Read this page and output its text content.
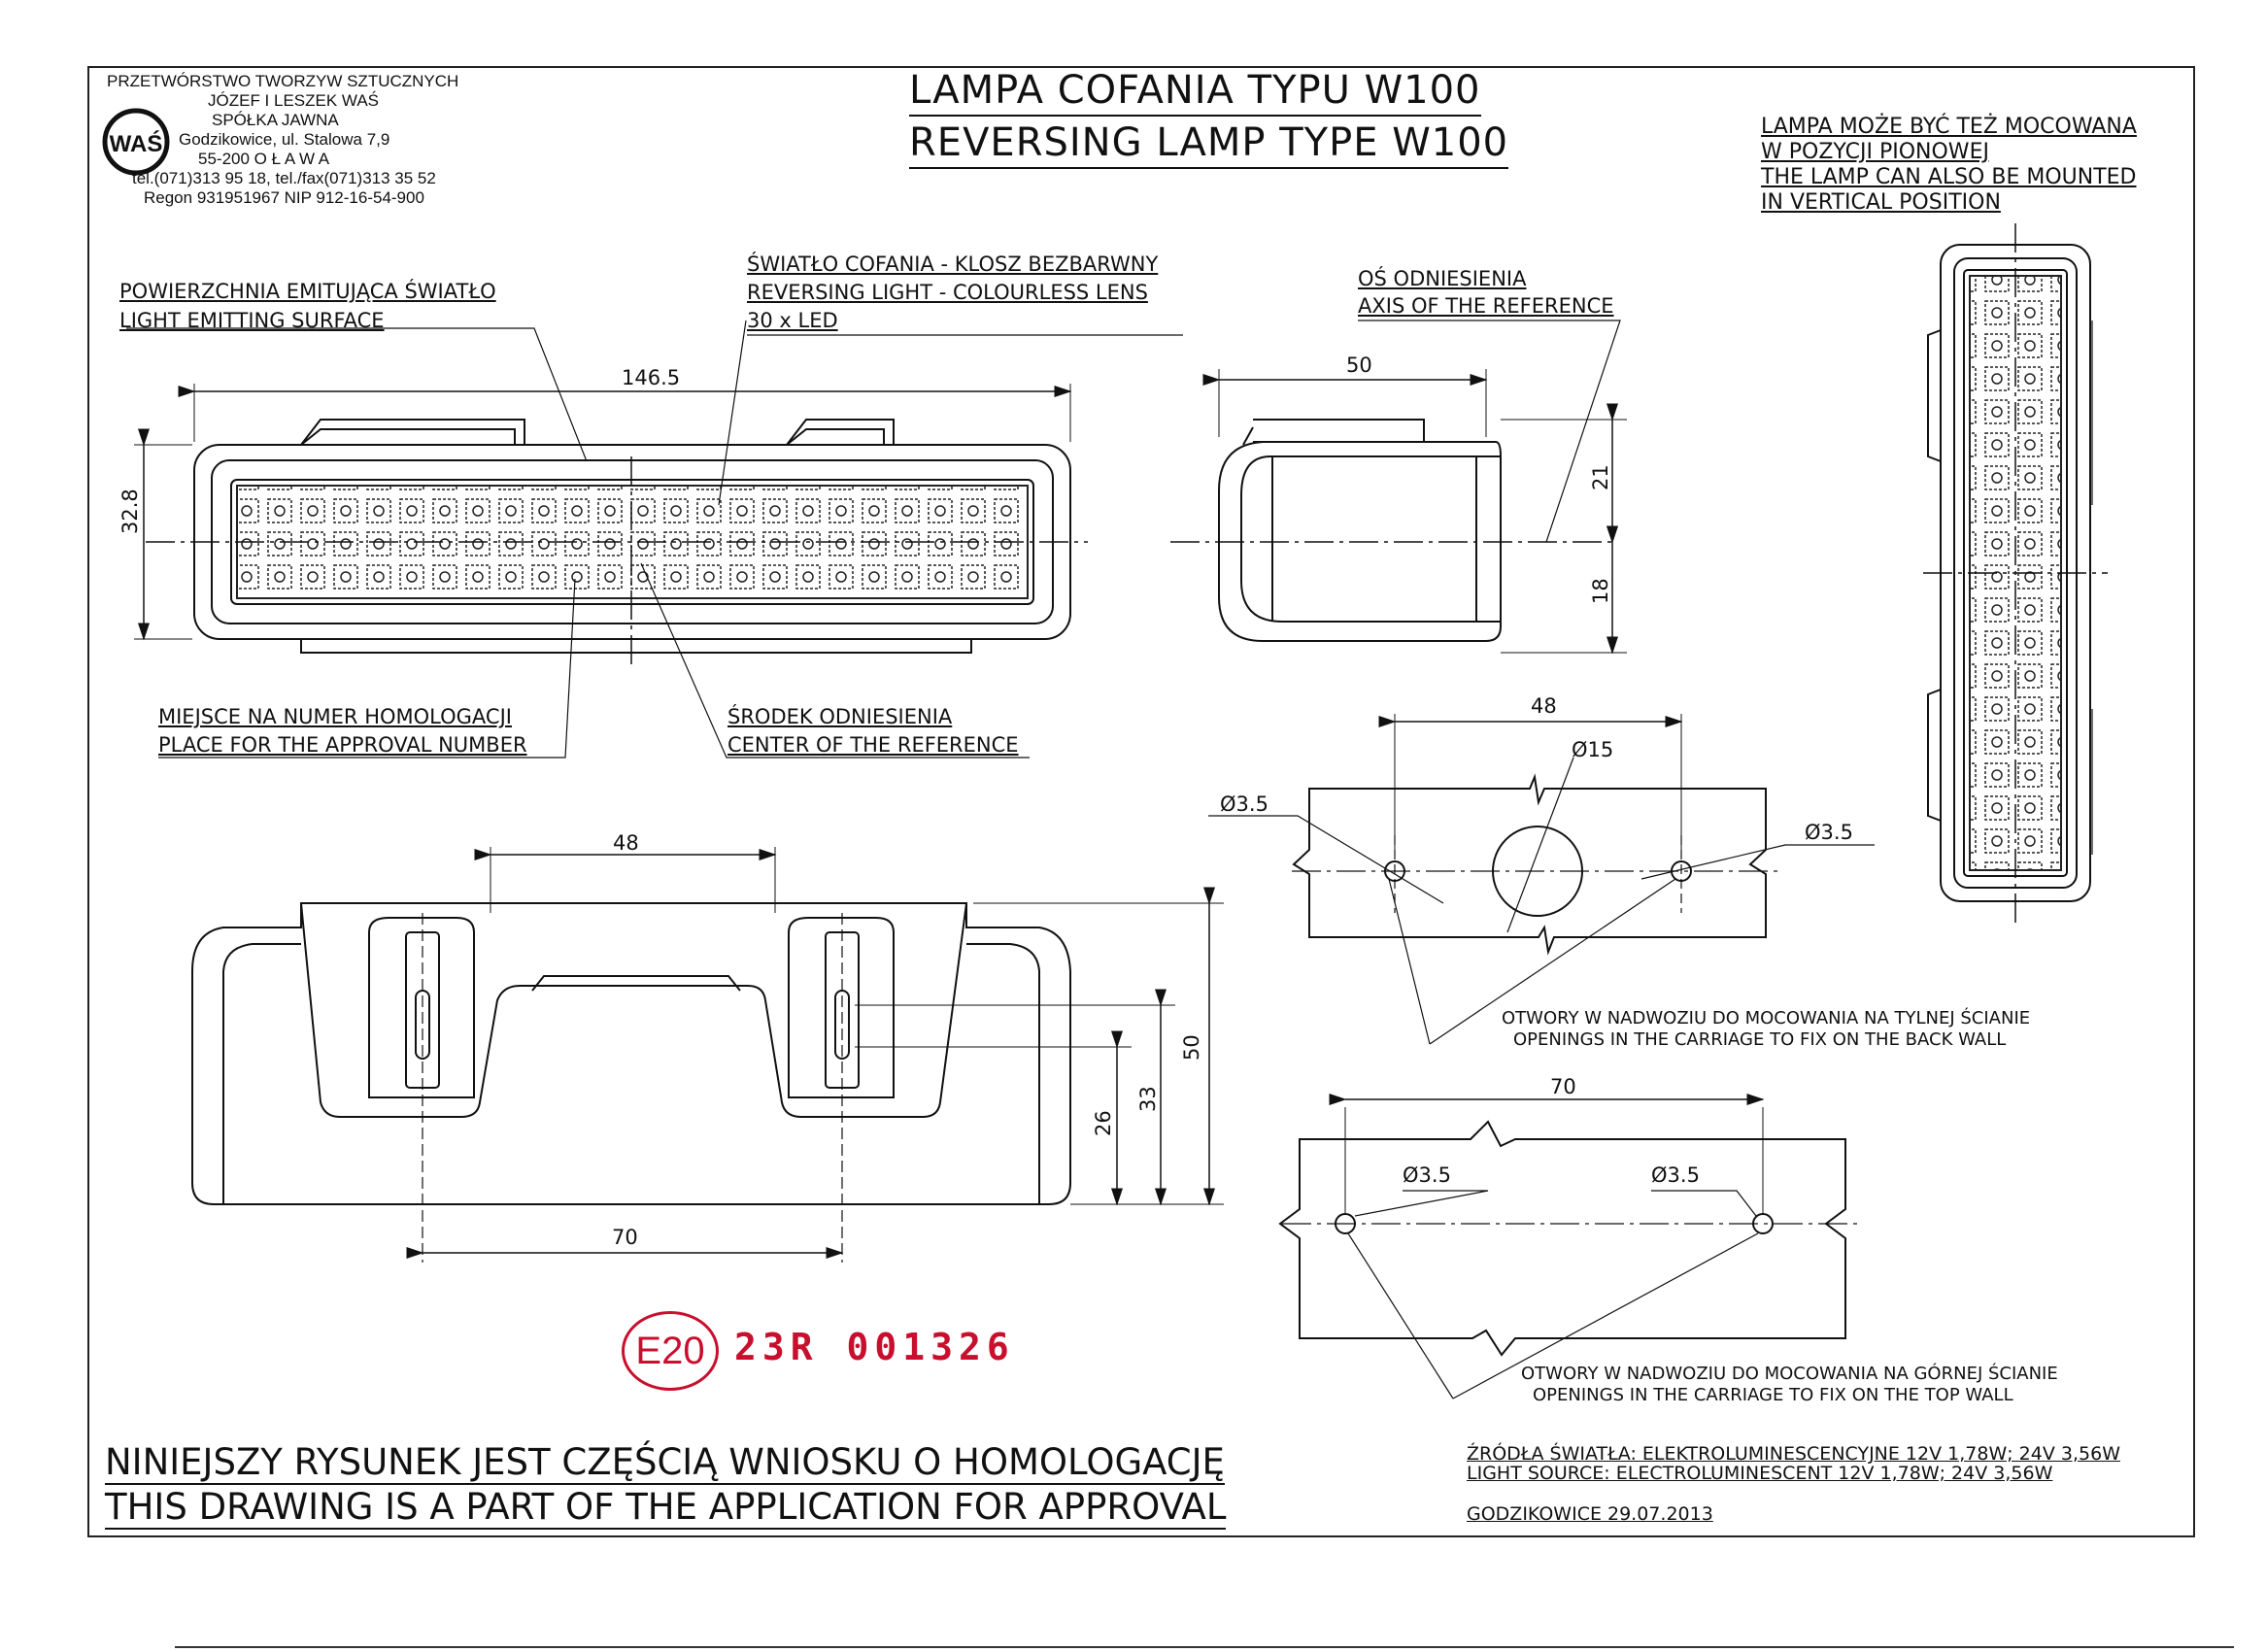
WAŚ
PRZETWÓRSTWO TWORZYW SZTUCZNYCH
JÓZEF I LESZEK WAŚ
SPÓŁKA JAWNA
Godzikowice, ul. Stalowa 7,9
55-200 O Ł A W A
tel.(071)313 95 18, tel./fax(071)313 35 52
Regon 931951967 NIP 912-16-54-900
LAMPA COFANIA TYPU W100
REVERSING LAMP TYPE W100	LAMPA MOŻE BYĆ TEŻ MOCOWANA
W POZYCJI PIONOWEJ
THE LAMP CAN ALSO BE MOUNTED
IN VERTICAL POSITION
POWIERZCHNIA EMITUJĄCA ŚWIATŁO
LIGHT EMITTING SURFACE
ŚWIATŁO COFANIA - KLOSZ BEZBARWNY
REVERSING LIGHT - COLOURLESS LENS
30 x LED
OŚ ODNIESIENIA
AXIS OF THE REFERENCE
MIEJSCE NA NUMER HOMOLOGACJI
PLACE FOR THE APPROVAL NUMBER
ŚRODEK ODNIESIENIA
CENTER OF THE REFERENCE
OTWORY W NADWOZIU DO MOCOWANIA NA TYLNEJ ŚCIANIE
OPENINGS IN THE CARRIAGE TO FIX ON THE BACK WALL
OTWORY W NADWOZIU DO MOCOWANIA NA GÓRNEJ ŚCIANIE
OPENINGS IN THE CARRIAGE TO FIX ON THE TOP WALL
146.5
32.8
50
21
18
48
Ø15
Ø3.5
Ø3.5
48
50
33
26
70
70
Ø3.5	Ø3.5
E20 23R 001326
NINIEJSZY RYSUNEK JEST CZĘŚCIĄ WNIOSKU O HOMOLOGACJĘ
THIS DRAWING IS A PART OF THE APPLICATION FOR APPROVAL
ŹRÓDŁA ŚWIATŁA: ELEKTROLUMINESCENCYJNE 12V 1,78W; 24V 3,56W
LIGHT SOURCE: ELECTROLUMINESCENT 12V 1,78W; 24V 3,56W
GODZIKOWICE 29.07.2013
